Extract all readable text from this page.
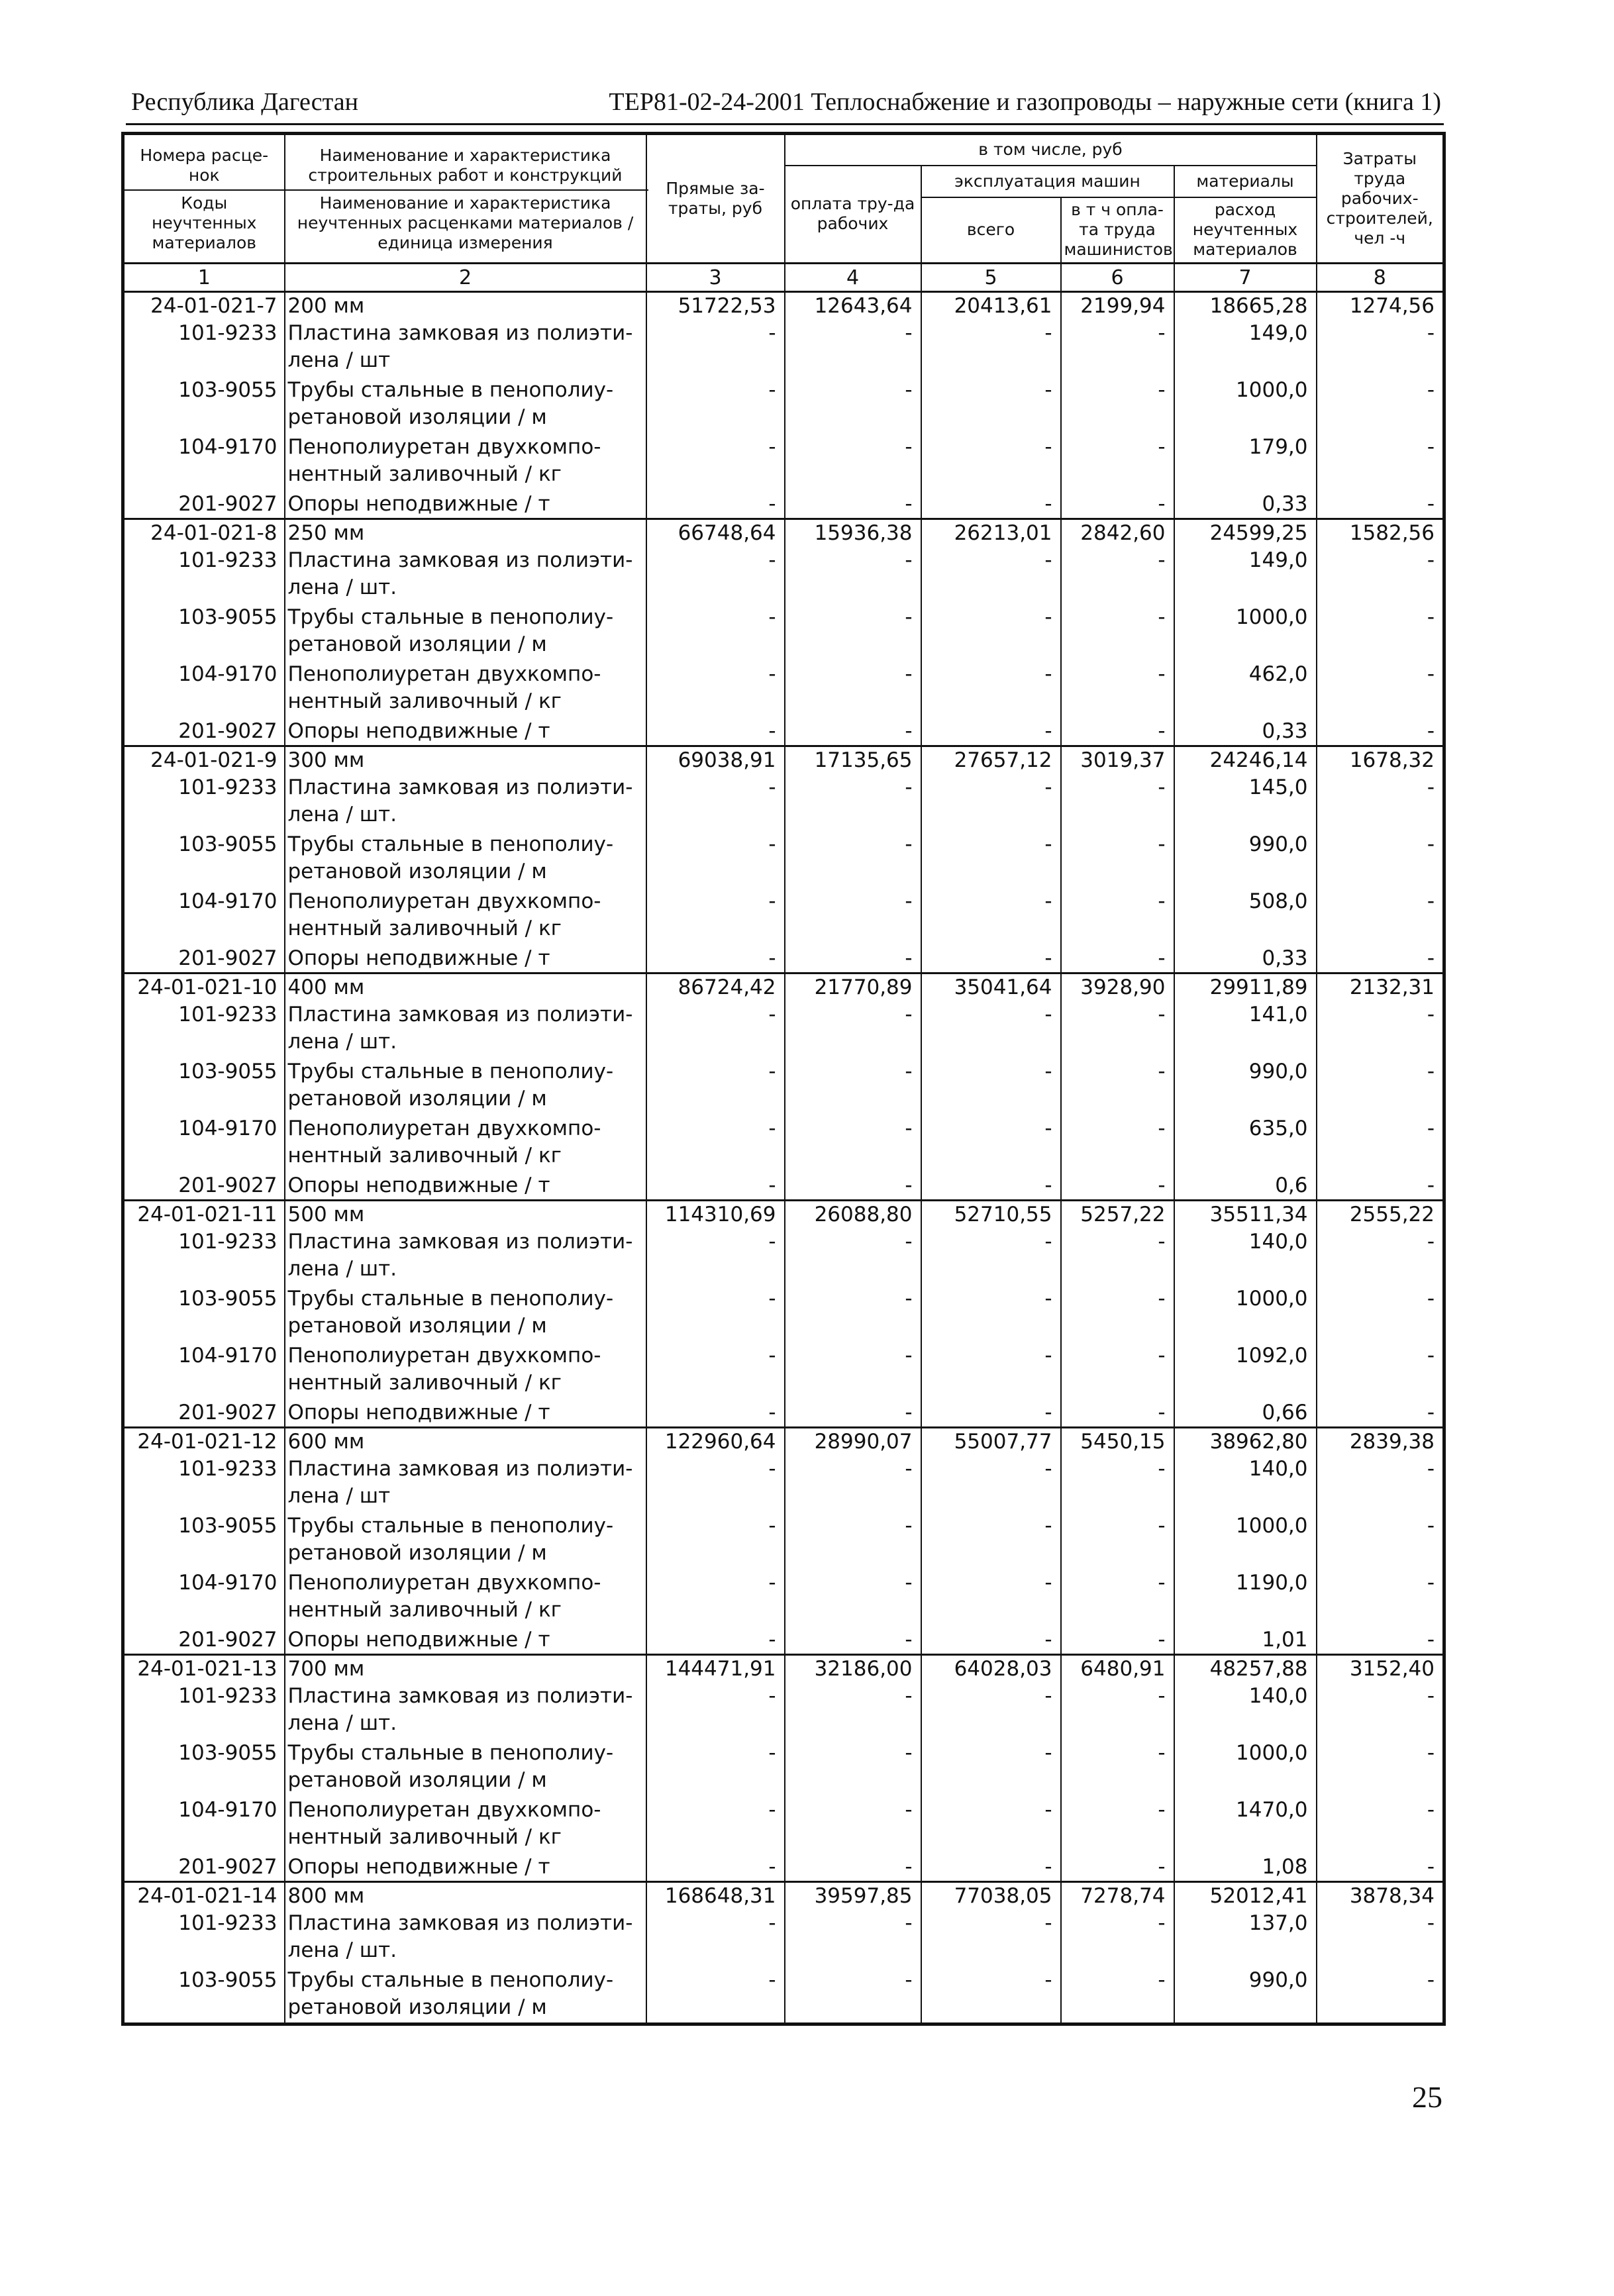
Республика Дагестан	ТЕР81-02-24-2001 Теплоснабжение и газопроводы – наружные сети (книга 1)
Номера расце-нок
Коды неучтенных материалов	Наименование и характеристика строительных работ и конструкций
Наименование и характеристика неучтенных расценками материалов / единица измерения	Прямые за-траты, руб	в том числе, руб				Затраты труда рабочих-строителей, чел -ч
			оплата тру-да рабочих	эксплуатация машин		материалы	
				всего	в т ч опла-та труда машинистов	расход неучтенных материалов	
1	2	3	4	5	6	7	8
24-01-021-7	200 мм	51722,53	12643,64	20413,61	2199,94	18665,28	1274,56
101-9233	Пластина замковая из полиэти-лена / шт	-	-	-	-	149,0	-
103-9055	Трубы стальные в пенополиу-ретановой изоляции / м	-	-	-	-	1000,0	-
104-9170	Пенополиуретан двухкомпо-нентный заливочный / кг	-	-	-	-	179,0	-
201-9027	Опоры неподвижные / т	-	-	-	-	0,33	-
24-01-021-8	250 мм	66748,64	15936,38	26213,01	2842,60	24599,25	1582,56
101-9233	Пластина замковая из полиэти-лена / шт.	-	-	-	-	149,0	-
103-9055	Трубы стальные в пенополиу-ретановой изоляции / м	-	-	-	-	1000,0	-
104-9170	Пенополиуретан двухкомпо-нентный заливочный / кг	-	-	-	-	462,0	-
201-9027	Опоры неподвижные / т	-	-	-	-	0,33	-
24-01-021-9	300 мм	69038,91	17135,65	27657,12	3019,37	24246,14	1678,32
101-9233	Пластина замковая из полиэти-лена / шт.	-	-	-	-	145,0	-
103-9055	Трубы стальные в пенополиу-ретановой изоляции / м	-	-	-	-	990,0	-
104-9170	Пенополиуретан двухкомпо-нентный заливочный / кг	-	-	-	-	508,0	-
201-9027	Опоры неподвижные / т	-	-	-	-	0,33	-
24-01-021-10	400 мм	86724,42	21770,89	35041,64	3928,90	29911,89	2132,31
101-9233	Пластина замковая из полиэти-лена / шт.	-	-	-	-	141,0	-
103-9055	Трубы стальные в пенополиу-ретановой изоляции / м	-	-	-	-	990,0	-
104-9170	Пенополиуретан двухкомпо-нентный заливочный / кг	-	-	-	-	635,0	-
201-9027	Опоры неподвижные / т	-	-	-	-	0,6	-
24-01-021-11	500 мм	114310,69	26088,80	52710,55	5257,22	35511,34	2555,22
101-9233	Пластина замковая из полиэти-лена / шт.	-	-	-	-	140,0	-
103-9055	Трубы стальные в пенополиу-ретановой изоляции / м	-	-	-	-	1000,0	-
104-9170	Пенополиуретан двухкомпо-нентный заливочный / кг	-	-	-	-	1092,0	-
201-9027	Опоры неподвижные / т	-	-	-	-	0,66	-
24-01-021-12	600 мм	122960,64	28990,07	55007,77	5450,15	38962,80	2839,38
101-9233	Пластина замковая из полиэти-лена / шт	-	-	-	-	140,0	-
103-9055	Трубы стальные в пенополиу-ретановой изоляции / м	-	-	-	-	1000,0	-
104-9170	Пенополиуретан двухкомпо-нентный заливочный / кг	-	-	-	-	1190,0	-
201-9027	Опоры неподвижные / т	-	-	-	-	1,01	-
24-01-021-13	700 мм	144471,91	32186,00	64028,03	6480,91	48257,88	3152,40
101-9233	Пластина замковая из полиэти-лена / шт.	-	-	-	-	140,0	-
103-9055	Трубы стальные в пенополиу-ретановой изоляции / м	-	-	-	-	1000,0	-
104-9170	Пенополиуретан двухкомпо-нентный заливочный / кг	-	-	-	-	1470,0	-
201-9027	Опоры неподвижные / т	-	-	-	-	1,08	-
24-01-021-14	800 мм	168648,31	39597,85	77038,05	7278,74	52012,41	3878,34
101-9233	Пластина замковая из полиэти-лена / шт.	-	-	-	-	137,0	-
103-9055	Трубы стальные в пенополиу-ретановой изоляции / м	-	-	-	-	990,0	-
25
